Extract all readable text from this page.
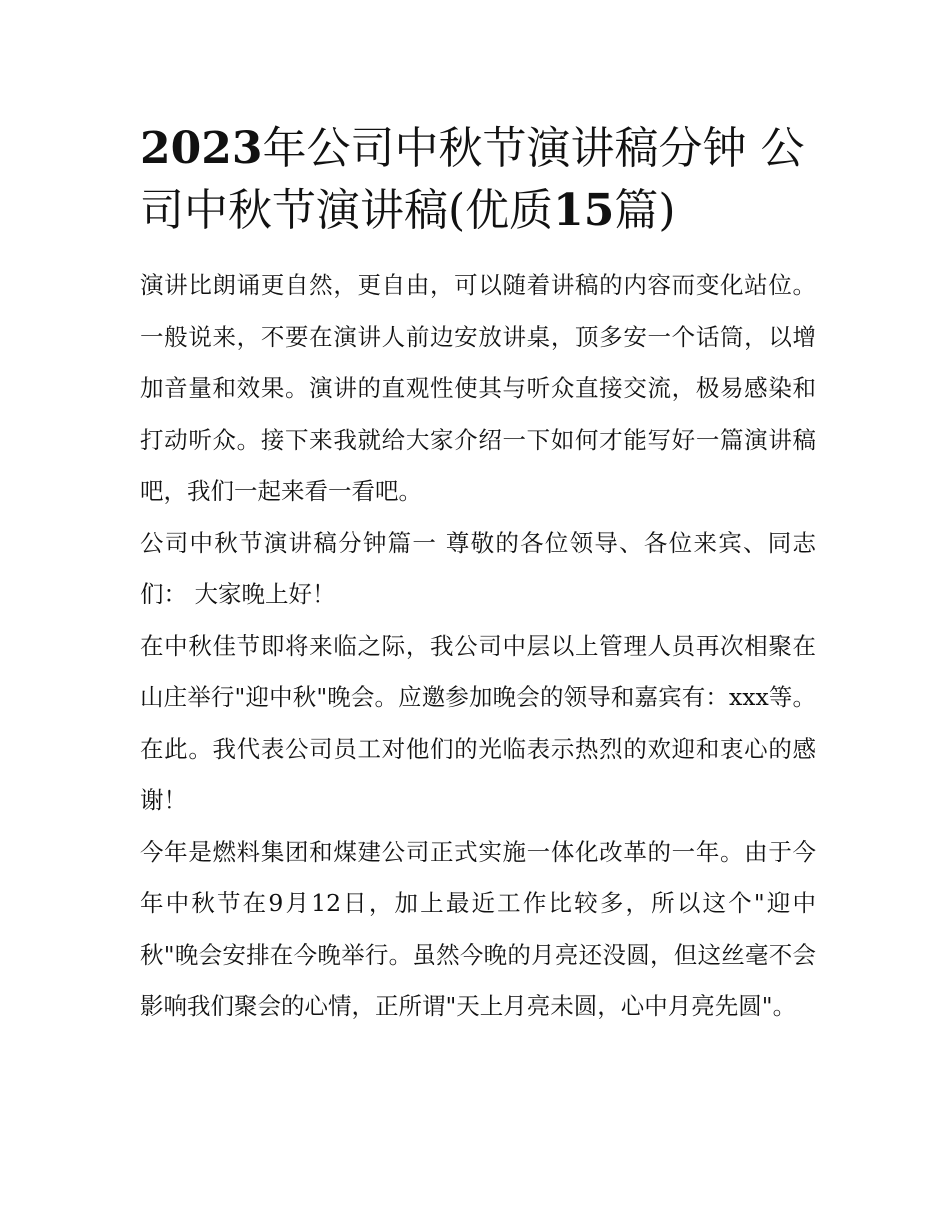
2023年公司中秋节演讲稿分钟 公司中秋节演讲稿(优质15篇)

演讲比朗诵更自然，更自由，可以随着讲稿的内容而变化站位。一般说来，不要在演讲人前边安放讲桌，顶多安一个话筒，以增加音量和效果。演讲的直观性使其与听众直接交流，极易感染和打动听众。接下来我就给大家介绍一下如何才能写好一篇演讲稿吧，我们一起来看一看吧。

公司中秋节演讲稿分钟篇一 尊敬的各位领导、各位来宾、同志们： 大家晚上好！

在中秋佳节即将来临之际，我公司中层以上管理人员再次相聚在山庄举行"迎中秋"晚会。应邀参加晚会的领导和嘉宾有：xxx等。在此。我代表公司员工对他们的光临表示热烈的欢迎和衷心的感谢！

今年是燃料集团和煤建公司正式实施一体化改革的一年。由于今年中秋节在9月12日，加上最近工作比较多，所以这个"迎中秋"晚会安排在今晚举行。虽然今晚的月亮还没圆，但这丝毫不会影响我们聚会的心情，正所谓"天上月亮未圆，心中月亮先圆"。
